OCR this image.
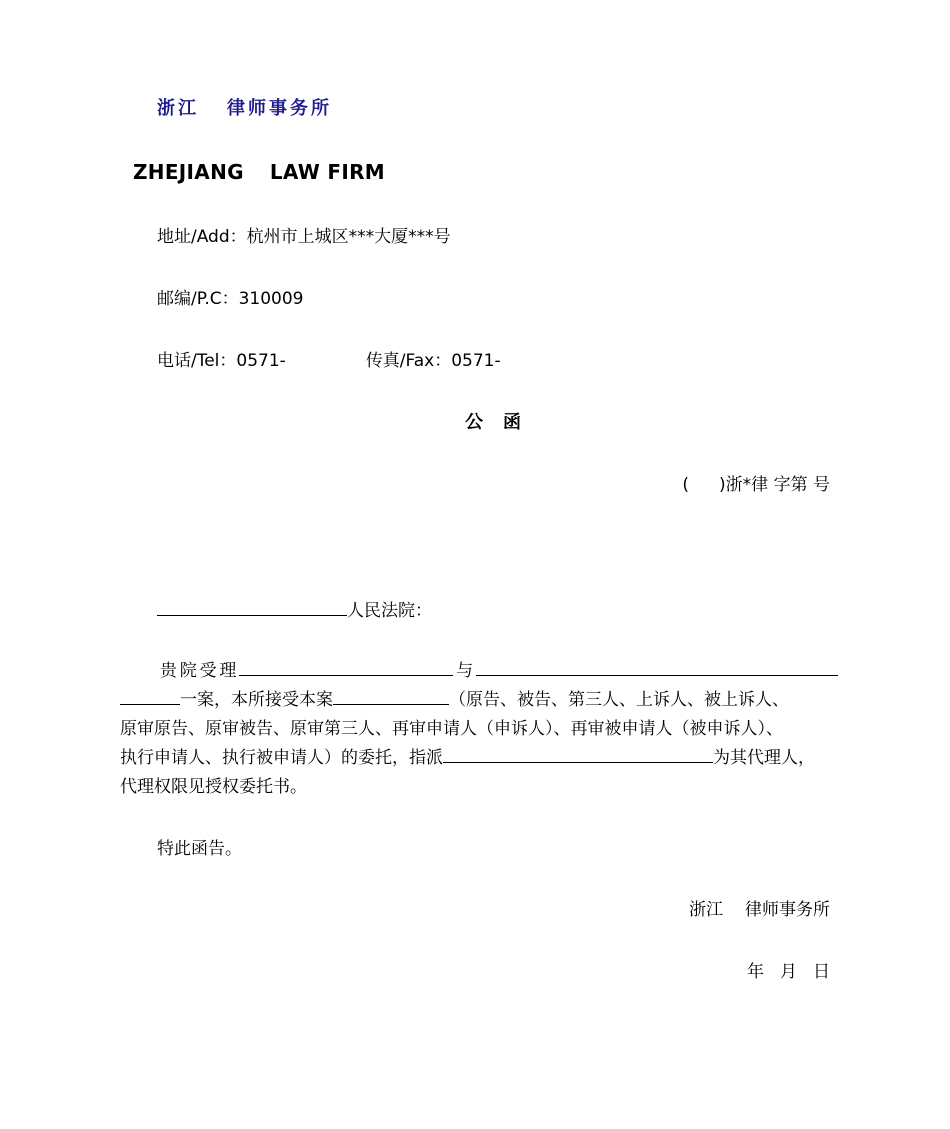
浙江 律师事务所
ZHEJIANG LAW FIRM
地址/Add：杭州市上城区***大厦***号
邮编/P.C：310009
电话/Tel：0571-	传真/Fax：0571-
公 函
( )浙*律 字第 号
人民法院：
贵院受理	与
一案，本所接受本案	（原告、被告、第三人、上诉人、被上诉人、
原审原告、原审被告、原审第三人、再审申请人（申诉人）、再审被申请人（被申诉人）、
执行申请人、执行被申请人）的委托，指派	为其代理人，
代理权限见授权委托书。
特此函告。
浙江 律师事务所
年 月 日
